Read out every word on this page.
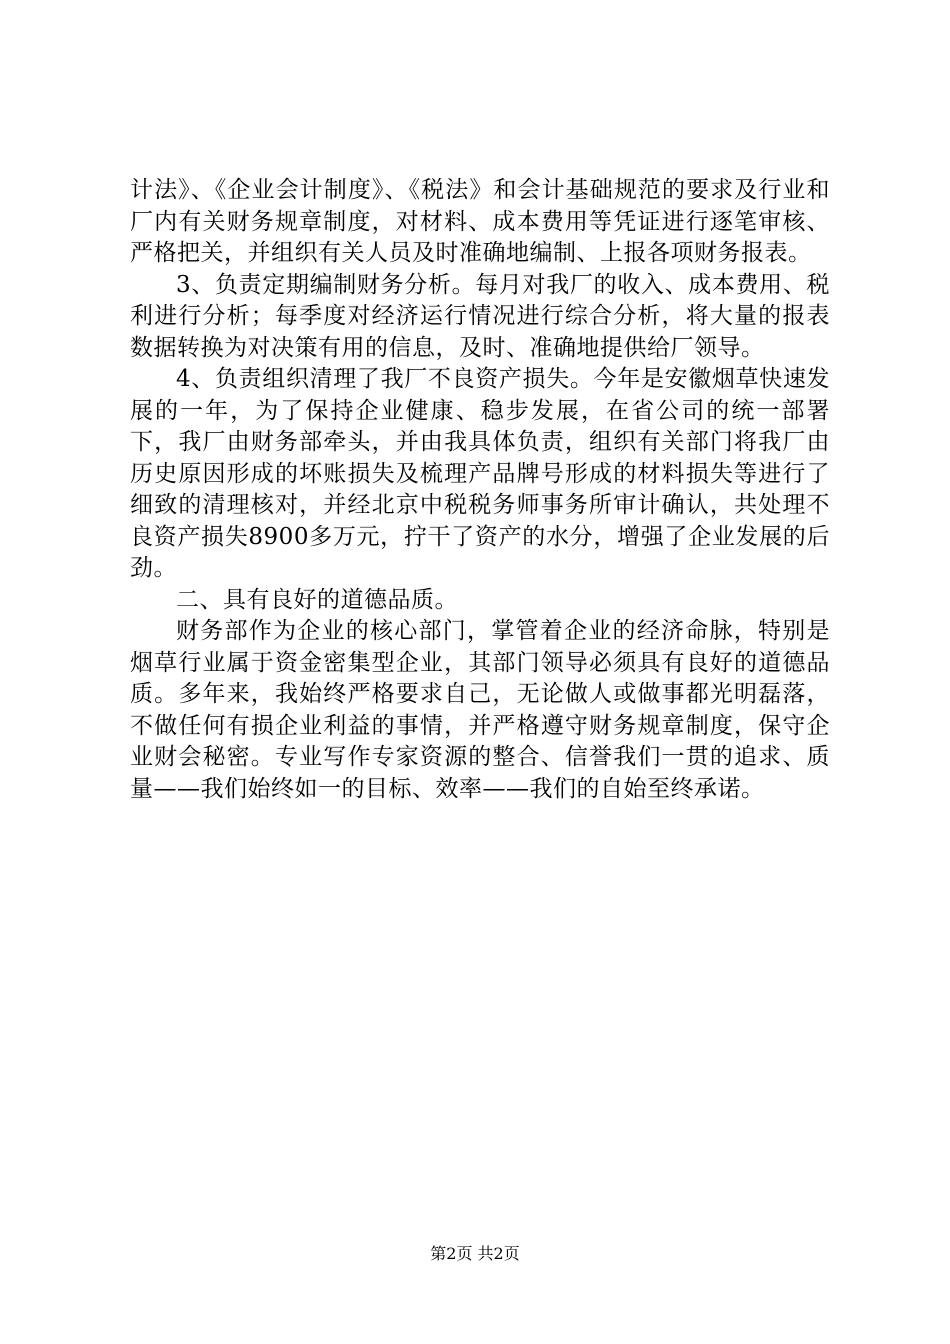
计法》、《企业会计制度》、《税法》和会计基础规范的要求及行业和厂内有关财务规章制度，对材料、成本费用等凭证进行逐笔审核、严格把关，并组织有关人员及时准确地编制、上报各项财务报表。

3、负责定期编制财务分析。每月对我厂的收入、成本费用、税利进行分析；每季度对经济运行情况进行综合分析，将大量的报表数据转换为对决策有用的信息，及时、准确地提供给厂领导。

4、负责组织清理了我厂不良资产损失。今年是安徽烟草快速发展的一年，为了保持企业健康、稳步发展，在省公司的统一部署下，我厂由财务部牵头，并由我具体负责，组织有关部门将我厂由历史原因形成的坏账损失及梳理产品牌号形成的材料损失等进行了细致的清理核对，并经北京中税税务师事务所审计确认，共处理不良资产损失8900多万元，拧干了资产的水分，增强了企业发展的后劲。

二、具有良好的道德品质。

财务部作为企业的核心部门，掌管着企业的经济命脉，特别是烟草行业属于资金密集型企业，其部门领导必须具有良好的道德品质。多年来，我始终严格要求自己，无论做人或做事都光明磊落，不做任何有损企业利益的事情，并严格遵守财务规章制度，保守企业财会秘密。专业写作专家资源的整合、信誉我们一贯的追求、质量——我们始终如一的目标、效率——我们的自始至终承诺。

第2页 共2页
